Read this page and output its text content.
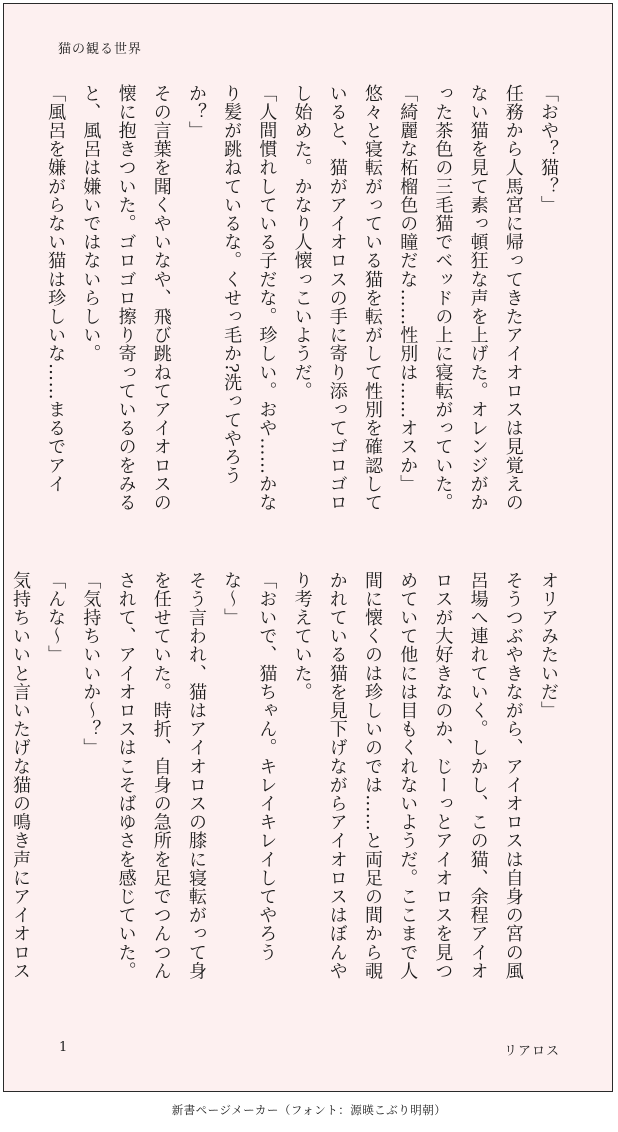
猫の観る世界
「おや？猫？」
任務から人馬宮に帰ってきたアイオロスは見覚えのない猫を見て素っ頓狂な声を上げた。オレンジがかった茶色の三毛猫でベッドの上に寝転がっていた。
「綺麗な柘榴色の瞳だな……性別は……オスか」
悠々と寝転がっている猫を転がして性別を確認していると、猫がアイオロスの手に寄り添ってゴロゴロし始めた。かなり人懐っこいようだ。
「人間慣れしている子だな。珍しい。おや……かなり髪が跳ねているな。くせっ毛か?洗ってやろうか？」
その言葉を聞くやいなや、飛び跳ねてアイオロスの懐に抱きついた。ゴロゴロ擦り寄っているのをみると、風呂は嫌いではないらしい。
「風呂を嫌がらない猫は珍しいな……まるでアイ
オリアみたいだ」
そうつぶやきながら、アイオロスは自身の宮の風呂場へ連れていく。しかし、この猫、余程アイオロスが大好きなのか、じーっとアイオロスを見つめていて他には目もくれないようだ。ここまで人間に懐くのは珍しいのでは……と両足の間から覗かれている猫を見下げながらアイオロスはぼんやり考えていた。
「おいで、猫ちゃん。キレイキレイしてやろうな〜」
そう言われ、猫はアイオロスの膝に寝転がって身を任せていた。時折、自身の急所を足でつんつんされて、アイオロスはこそばゆさを感じていた。
「気持ちいいか〜？」
「んな〜」
気持ちいいと言いたげな猫の鳴き声にアイオロス
1	リアロス
新書ページメーカー（フォント：源暎こぶり明朝）
